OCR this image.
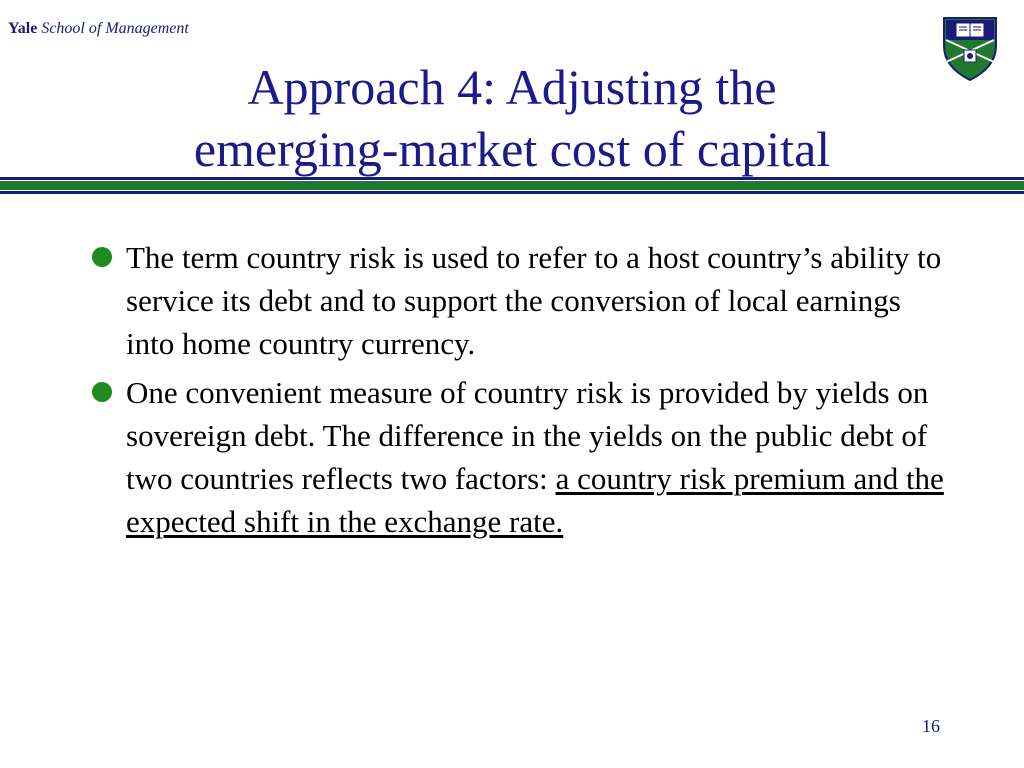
Yale School of Management
Approach 4: Adjusting the
emerging-market cost of capital
The term country risk is used to refer to a host country’s ability to service its debt and to support the conversion of local earnings into home country currency.
One convenient measure of country risk is provided by yields on sovereign debt. The difference in the yields on the public debt of two countries reflects two factors: a country risk premium and the expected shift in the exchange rate.
16
